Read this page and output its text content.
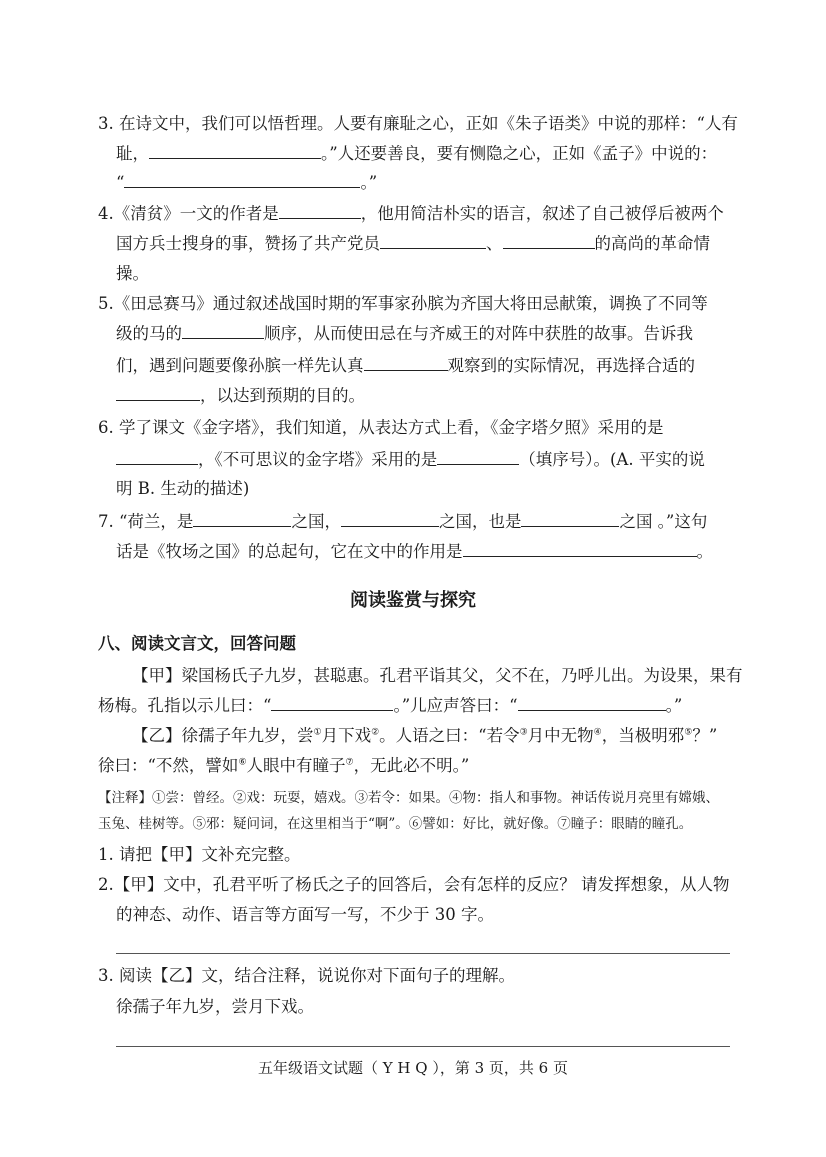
3. 在诗文中，我们可以悟哲理。人要有廉耻之心，正如《朱子语类》中说的那样：“人有
耻，	。”人还要善良，要有恻隐之心，正如《孟子》中说的：
“	。”
4.《清贫》一文的作者是	，他用简洁朴实的语言，叙述了自己被俘后被两个
国方兵士搜身的事，赞扬了共产党员	、	的高尚的革命情
操。
5.《田忌赛马》通过叙述战国时期的军事家孙膑为齐国大将田忌献策，调换了不同等
级的马的	顺序，从而使田忌在与齐威王的对阵中获胜的故事。告诉我
们，遇到问题要像孙膑一样先认真	观察到的实际情况，再选择合适的
，以达到预期的目的。
6. 学了课文《金字塔》，我们知道，从表达方式上看，《金字塔夕照》采用的是
，《不可思议的金字塔》采用的是	（填序号）。(A. 平实的说
明 B. 生动的描述)
7. “荷兰，是	之国，	之国，也是	之国 。”这句
话是《牧场之国》的总起句，它在文中的作用是	。
阅读鉴赏与探究
八、阅读文言文，回答问题
【甲】梁国杨氏子九岁，甚聪惠。孔君平诣其父，父不在，乃呼儿出。为设果，果有
杨梅。孔指以示儿曰：“	。”儿应声答曰：“	。”
【乙】徐孺子年九岁，尝①月下戏②。人语之曰：“若令③月中无物④，当极明邪⑤？”
徐曰：“不然，譬如⑥人眼中有瞳子⑦，无此必不明。”
【注释】①尝：曾经。②戏：玩耍，嬉戏。③若令：如果。④物：指人和事物。神话传说月亮里有嫦娥、
玉兔、桂树等。⑤邪：疑问词，在这里相当于“啊”。⑥譬如：好比，就好像。⑦瞳子：眼睛的瞳孔。
1. 请把【甲】文补充完整。
2.【甲】文中，孔君平听了杨氏之子的回答后，会有怎样的反应？ 请发挥想象，从人物
的神态、动作、语言等方面写一写，不少于 30 字。
3. 阅读【乙】文，结合注释，说说你对下面句子的理解。
徐孺子年九岁，尝月下戏。
五年级语文试题（ Y H Q ），第 3 页，共 6 页
